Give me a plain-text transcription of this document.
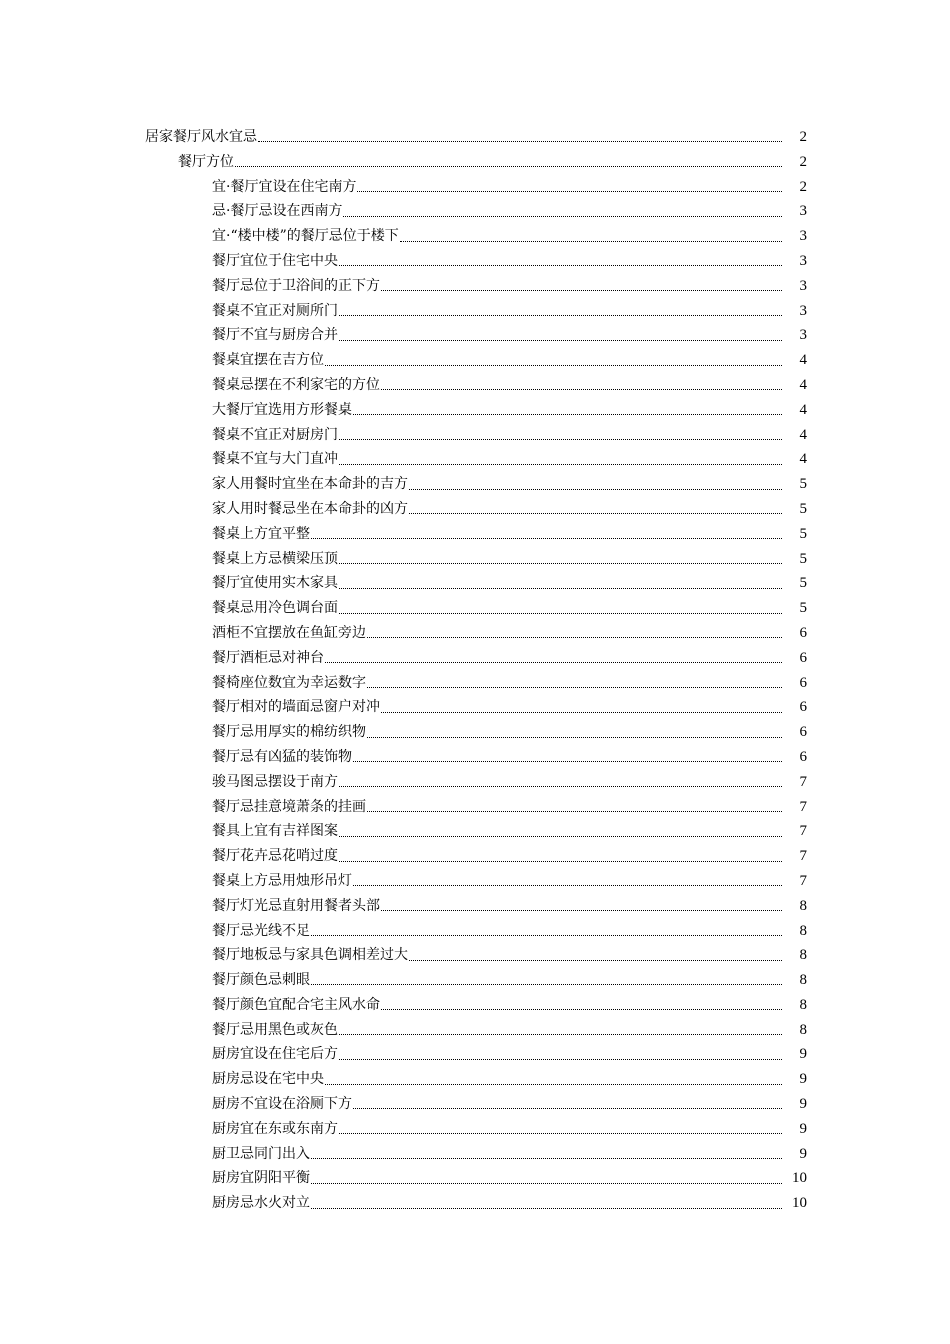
居家餐厅风水宜忌	2
餐厅方位	2
宜·餐厅宜设在住宅南方	2
忌·餐厅忌设在西南方	3
宜·“楼中楼”的餐厅忌位于楼下	3
餐厅宜位于住宅中央	3
餐厅忌位于卫浴间的正下方	3
餐桌不宜正对厕所门	3
餐厅不宜与厨房合并	3
餐桌宜摆在吉方位	4
餐桌忌摆在不利家宅的方位	4
大餐厅宜选用方形餐桌	4
餐桌不宜正对厨房门	4
餐桌不宜与大门直冲	4
家人用餐时宜坐在本命卦的吉方	5
家人用时餐忌坐在本命卦的凶方	5
餐桌上方宜平整	5
餐桌上方忌横梁压顶	5
餐厅宜使用实木家具	5
餐桌忌用冷色调台面	5
酒柜不宜摆放在鱼缸旁边	6
餐厅酒柜忌对神台	6
餐椅座位数宜为幸运数字	6
餐厅相对的墙面忌窗户对冲	6
餐厅忌用厚实的棉纺织物	6
餐厅忌有凶猛的装饰物	6
骏马图忌摆设于南方	7
餐厅忌挂意境萧条的挂画	7
餐具上宜有吉祥图案	7
餐厅花卉忌花哨过度	7
餐桌上方忌用烛形吊灯	7
餐厅灯光忌直射用餐者头部	8
餐厅忌光线不足	8
餐厅地板忌与家具色调相差过大	8
餐厅颜色忌刺眼	8
餐厅颜色宜配合宅主风水命	8
餐厅忌用黑色或灰色	8
厨房宜设在住宅后方	9
厨房忌设在宅中央	9
厨房不宜设在浴厕下方	9
厨房宜在东或东南方	9
厨卫忌同门出入	9
厨房宜阴阳平衡	10
厨房忌水火对立	10
